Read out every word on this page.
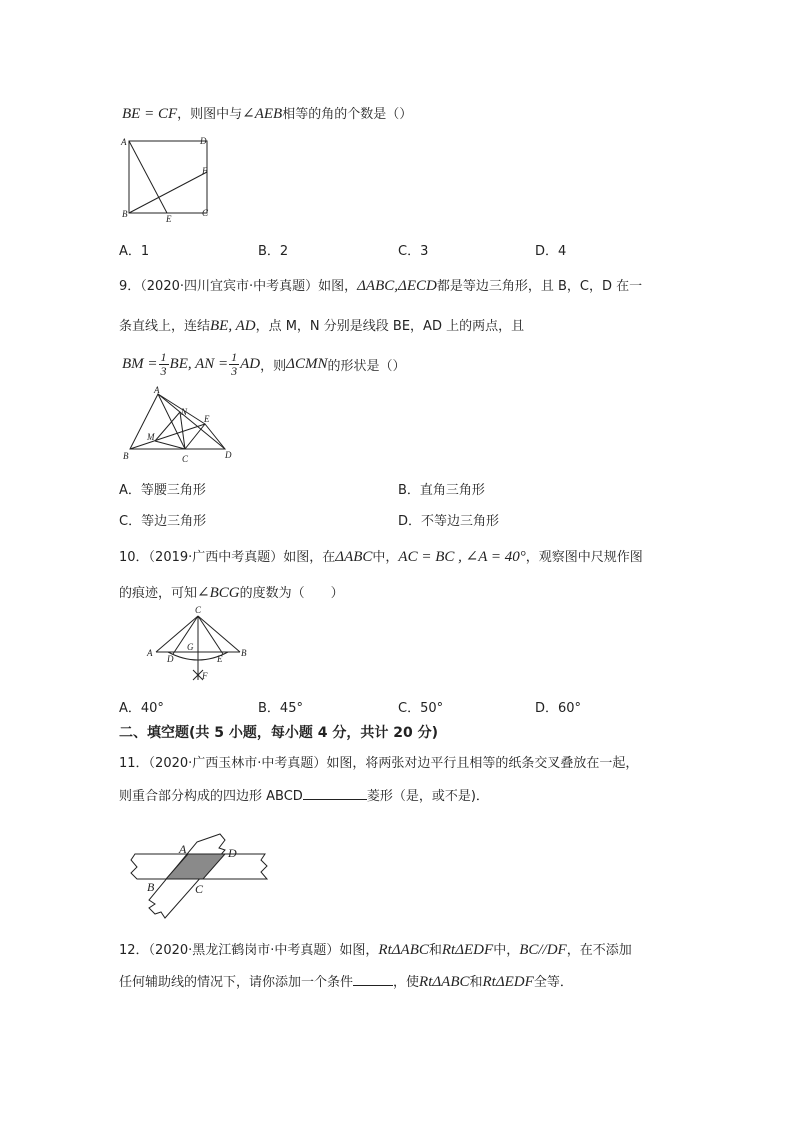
BE = CF，则图中与∠AEB相等的角的个数是（）
A	D
F
B	E
C
A．1	B．2	C．3	D．4
9．（2020·四川宜宾市·中考真题）如图，ΔABC,ΔECD都是等边三角形，且 B，C，D 在一
条直线上，连结BE, AD，点 M，N 分别是线段 BE，AD 上的两点，且
BM = $\frac{1}{3}$ BE, AN = $\frac{1}{3}$ AD ，则 ΔCMN 的形状是（）
A
N
E
M
B	C	D
A．等腰三角形	B．直角三角形
C．等边三角形	D．不等边三角形
10．（2019·广西中考真题）如图，在ΔABC中，AC = BC , ∠A = 40°，观察图中尺规作图
的痕迹，可知∠BCG的度数为（　　）
C
G
A
D	E
B
F
A．40°	B．45°	C．50°	D．60°
二、填空题(共 5 小题，每小题 4 分，共计 20 分)
11．（2020·广西玉林市·中考真题）如图，将两张对边平行且相等的纸条交叉叠放在一起，
则重合部分构成的四边形 ABCD	菱形（是，或不是)．
A	D
B	C
12．（2020·黑龙江鹤岗市·中考真题）如图，RtΔABC和RtΔEDF中，BC//DF，在不添加
任何辅助线的情况下，请你添加一个条件	，使RtΔABC和RtΔEDF全等．
